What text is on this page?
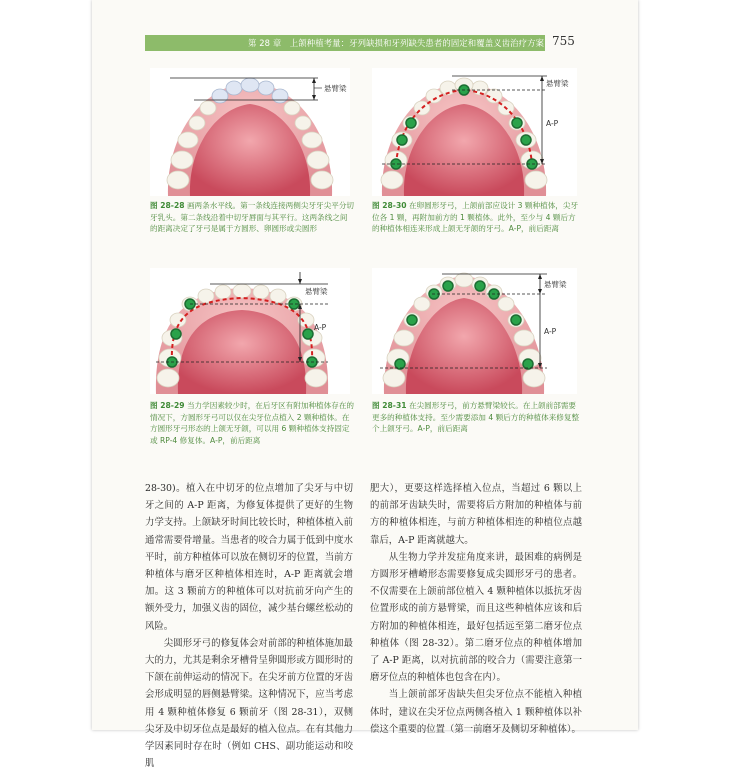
第 28 章　上颌种植考量：牙列缺损和牙列缺失患者的固定和覆盖义齿治疗方案 755
悬臂梁
图 28-28 画两条水平线。第一条线连接两侧尖牙牙尖平分切牙乳头。第二条线沿着中切牙唇面与其平行。这两条线之间的距离决定了牙弓是属于方圆形、卵圆形或尖圆形
悬臂梁
A-P
图 28-30 在卵圆形牙弓，上颌前部应设计 3 颗种植体，尖牙位各 1 颗，再附加前方的 1 颗植体。此外，至少与 4 颗后方的种植体相连来形成上颌无牙颌的牙弓。A-P，前后距离
悬臂梁
A-P
图 28-29 当力学因素较少时，在后牙区有附加种植体存在的情况下，方圆形牙弓可以仅在尖牙位点植入 2 颗种植体。在方圆形牙弓形态的上颌无牙颌，可以用 6 颗种植体支持固定或 RP-4 修复体。A-P，前后距离
悬臂梁
A-P
图 28-31 在尖圆形牙弓，前方悬臂梁较长。在上颌前部需要更多的种植体支持。至少需要添加 4 颗后方的种植体来修复整个上颌牙弓。A-P，前后距离

28-30)。植入在中切牙的位点增加了尖牙与中切牙之间的 A-P 距离，为修复体提供了更好的生物力学支持。上颌缺牙时间比较长时，种植体植入前通常需要骨增量。当患者的咬合力属于低到中度水平时，前方种植体可以放在侧切牙的位置，当前方种植体与磨牙区种植体相连时，A-P 距离就会增加。这 3 颗前方的种植体可以对抗前牙向产生的额外受力，加强义齿的固位，减少基台螺丝松动的风险。

尖圆形牙弓的修复体会对前部的种植体施加最大的力，尤其是剩余牙槽骨呈卵圆形或方圆形时的下颌在前伸运动的情况下。在尖牙前方位置的牙齿会形成明显的唇侧悬臂梁。这种情况下，应当考虑用 4 颗种植体修复 6 颗前牙（图 28-31），双侧尖牙及中切牙位点是最好的植入位点。在有其他力学因素同时存在时（例如 CHS、副功能运动和咬肌

肥大），更要这样选择植入位点，当超过 6 颗以上的前部牙齿缺失时，需要将后方附加的种植体与前方的种植体相连，与前方种植体相连的种植位点越靠后，A-P 距离就越大。

从生物力学并发症角度来讲，最困难的病例是方圆形牙槽嵴形态需要修复成尖圆形牙弓的患者。不仅需要在上颌前部位植入 4 颗种植体以抵抗牙齿位置形成的前方悬臂梁，而且这些种植体应该和后方附加的种植体相连，最好包括远至第二磨牙位点种植体（图 28-32）。第二磨牙位点的种植体增加了 A-P 距离，以对抗前部的咬合力（需要注意第一磨牙位点的种植体也包含在内）。

当上颌前部牙齿缺失但尖牙位点不能植入种植体时，建议在尖牙位点两侧各植入 1 颗种植体以补偿这个重要的位置（第一前磨牙及侧切牙种植体）。
